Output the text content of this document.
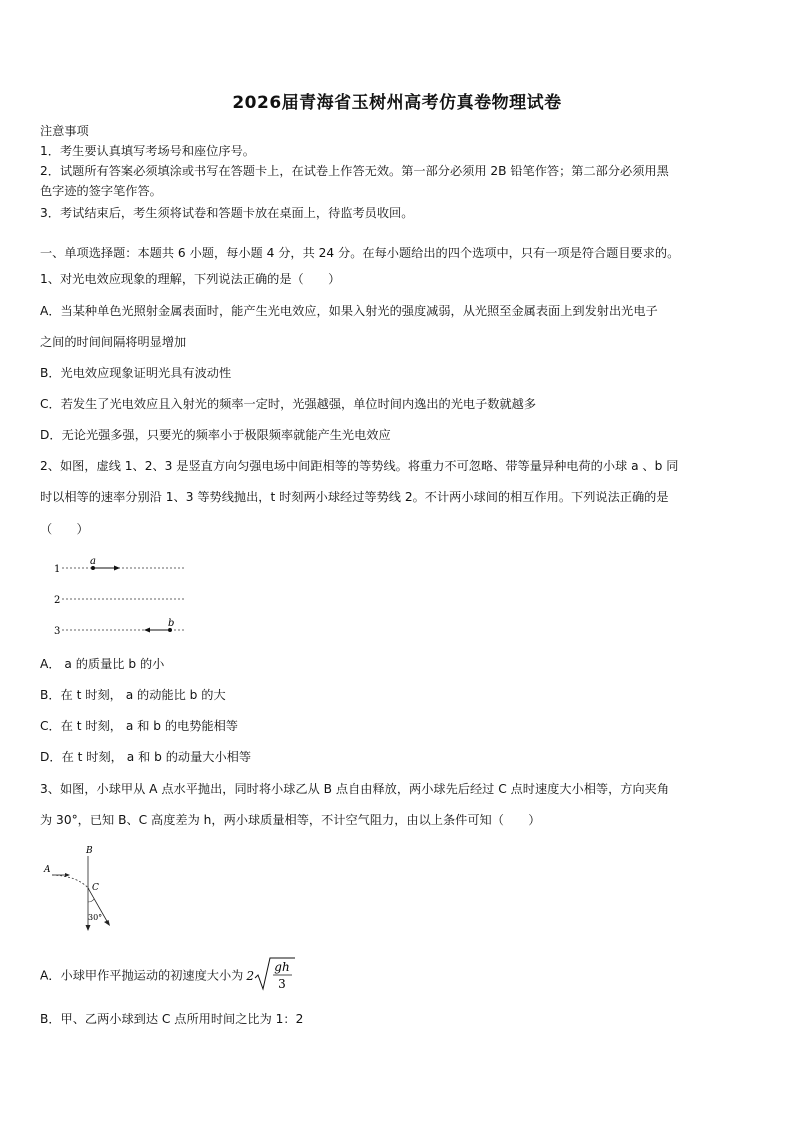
2026届青海省玉树州高考仿真卷物理试卷
注意事项
1．考生要认真填写考场号和座位序号。
2．试题所有答案必须填涂或书写在答题卡上，在试卷上作答无效。第一部分必须用 2B 铅笔作答；第二部分必须用黑
色字迹的签字笔作答。
3．考试结束后，考生须将试卷和答题卡放在桌面上，待监考员收回。
一、单项选择题：本题共 6 小题，每小题 4 分，共 24 分。在每小题给出的四个选项中，只有一项是符合题目要求的。
1、对光电效应现象的理解，下列说法正确的是（　　）
A．当某种单色光照射金属表面时，能产生光电效应，如果入射光的强度减弱，从光照至金属表面上到发射出光电子
之间的时间间隔将明显增加
B．光电效应现象证明光具有波动性
C．若发生了光电效应且入射光的频率一定时，光强越强，单位时间内逸出的光电子数就越多
D．无论光强多强，只要光的频率小于极限频率就能产生光电效应
2、如图，虚线 1、2、3 是竖直方向匀强电场中间距相等的等势线。将重力不可忽略、带等量异种电荷的小球 a 、b 同
时以相等的速率分别沿 1、3 等势线抛出，t 时刻两小球经过等势线 2。不计两小球间的相互作用。下列说法正确的是
（　　）
1
2
3
a
b
A． a 的质量比 b 的小
B．在 t 时刻， a 的动能比 b 的大
C．在 t 时刻， a 和 b 的电势能相等
D．在 t 时刻， a 和 b 的动量大小相等
3、如图，小球甲从 A 点水平抛出，同时将小球乙从 B 点自由释放，两小球先后经过 C 点时速度大小相等，方向夹角
为 30°，已知 B、C 高度差为 h，两小球质量相等，不计空气阻力，由以上条件可知（　　）
A
B
C
30°
A．小球甲作平抛运动的初速度大小为 2
gh
3
B．甲、乙两小球到达 C 点所用时间之比为 1：2
